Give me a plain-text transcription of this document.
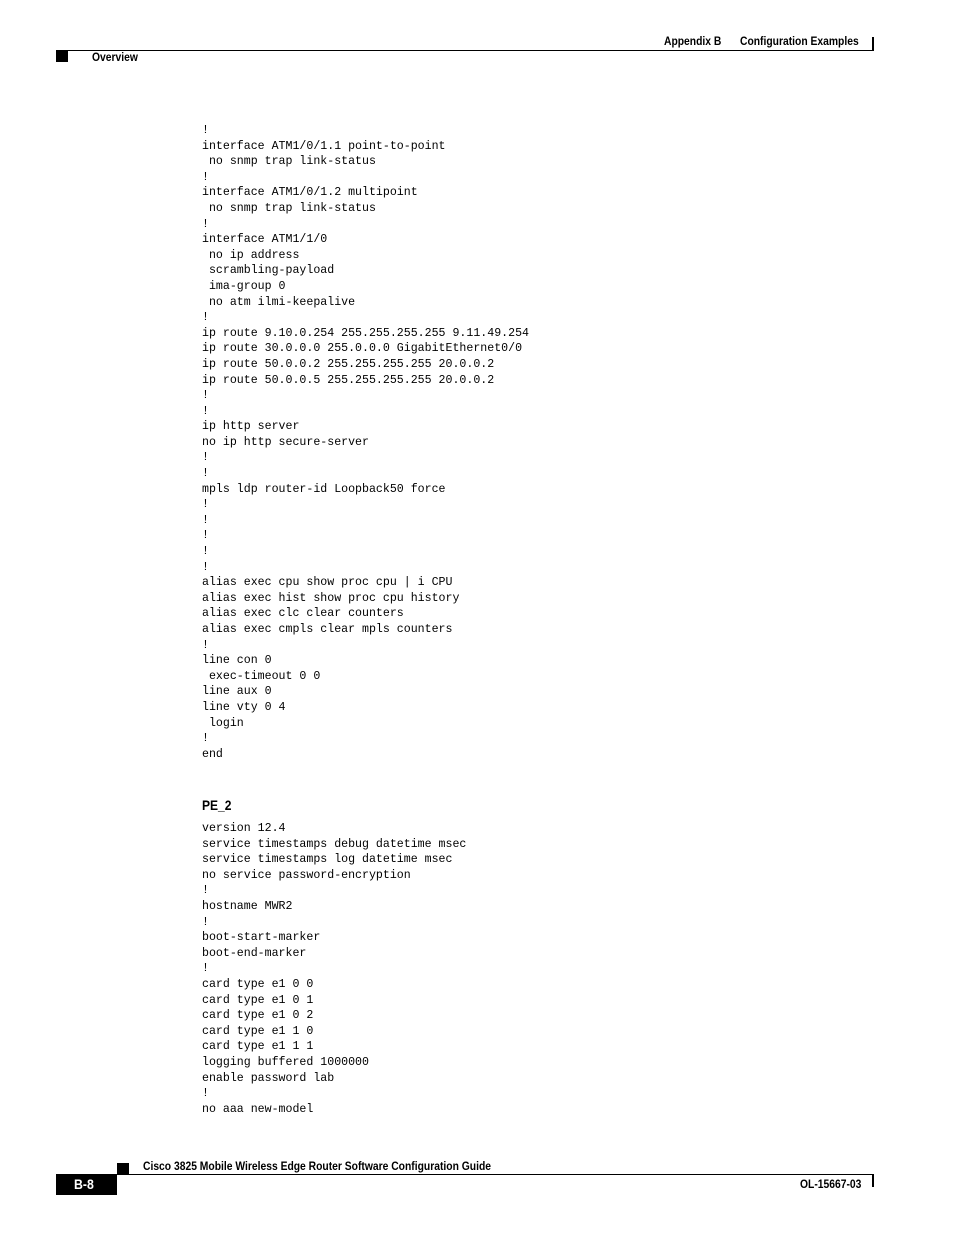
Appendix B Configuration Examples
Overview
!
interface ATM1/0/1.1 point-to-point
no snmp trap link-status
!
interface ATM1/0/1.2 multipoint
no snmp trap link-status
!
interface ATM1/1/0
no ip address
scrambling-payload
ima-group 0
no atm ilmi-keepalive
!
ip route 9.10.0.254 255.255.255.255 9.11.49.254
ip route 30.0.0.0 255.0.0.0 GigabitEthernet0/0
ip route 50.0.0.2 255.255.255.255 20.0.0.2
ip route 50.0.0.5 255.255.255.255 20.0.0.2
!
!
ip http server
no ip http secure-server
!
!
mpls ldp router-id Loopback50 force
!
!
!
!
!
alias exec cpu show proc cpu | i CPU
alias exec hist show proc cpu history
alias exec clc clear counters
alias exec cmpls clear mpls counters
!
line con 0
exec-timeout 0 0
line aux 0
line vty 0 4
login
!
end
PE_2
version 12.4
service timestamps debug datetime msec
service timestamps log datetime msec
no service password-encryption
!
hostname MWR2
!
boot-start-marker
boot-end-marker
!
card type e1 0 0
card type e1 0 1
card type e1 0 2
card type e1 1 0
card type e1 1 1
logging buffered 1000000
enable password lab
!
no aaa new-model
Cisco 3825 Mobile Wireless Edge Router Software Configuration Guide
B-8	OL-15667-03
